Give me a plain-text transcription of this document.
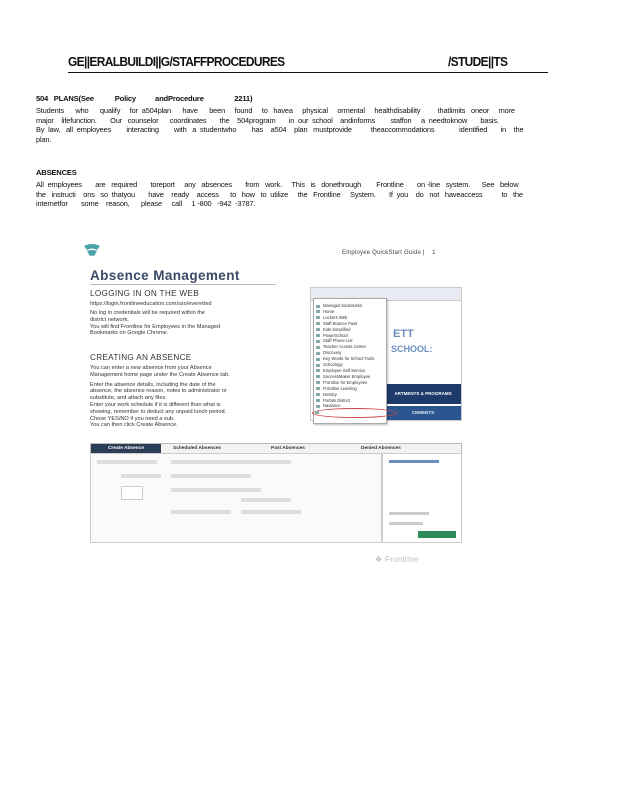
GE||ERALBUILDI||G/STAFFPROCEDURES	/STUDE||TS
504   PLANS(See           Policy          andProcedure                2211)
Students      who      qualify     for  a504plan      have      been     found     to   havea     physical     ormental     healthdisability         thatlimits   oneor     more
major    lifefunction.       Our   counselor      coordinates       the    504program       in  our  school    andinforms        staffon     a  needtoknow       basis.
By  law,   all  employees        interacting        with   a  studentwho        has    a504    plan   mustprovide          theaccommodations             identified       in    the
plan.
ABSENCES
All  employees       are   required       toreport     any   absences       from   work.     This   is   donethrough        Frontline       on -line   system.      See   below
the   instructi    ons   so  thatyou       have    ready    access      to   how   to  utilize     the   Frontline     System.       If  you    do   not   haveaccess          to   the
internetfor       some    reason,      please     call     1 -800   -942  -3787.
Employee QuickStart Guide |    1
Absence Management
LOGGING IN ON THE WEB
https://login.frontlineeducation.com/sso/everetted
No log in credentials will be required within the
district network.
You will find Frontline for Employees in the Managed
Bookmarks on Google Chrome.
CREATING AN ABSENCE
You can enter a new absence from your Absence
Management home page under the Create Absence tab.
Enter the absence details, including the date of the
absence, the absence reason, notes to administrator or
substitute, and attach any files.
Enter your work schedule if it is different than what is
showing, remember to deduct any unpaid lunch period.
Chose YES/NO if you need a sub.
You can then click Create Absence.
ETT
SCHOOL:
ARTMENTS & PROGRAMS
CEMENTS
Managed bookmarks
Home
Lockers Web
Staff Bounce Pass
Kids Simplified
PowerSchool
Staff Phone List
Teacher Access Center
Discovery
Key Words for School Tools
Schoology
Employee Self Service
SuccessMaker Employee
Frontline for Employees
Frontline Learning
Destiny
Portals District
Naviance
Create Absence	Scheduled Absences	Past Absences	Denied Absences
❖ Frontline
